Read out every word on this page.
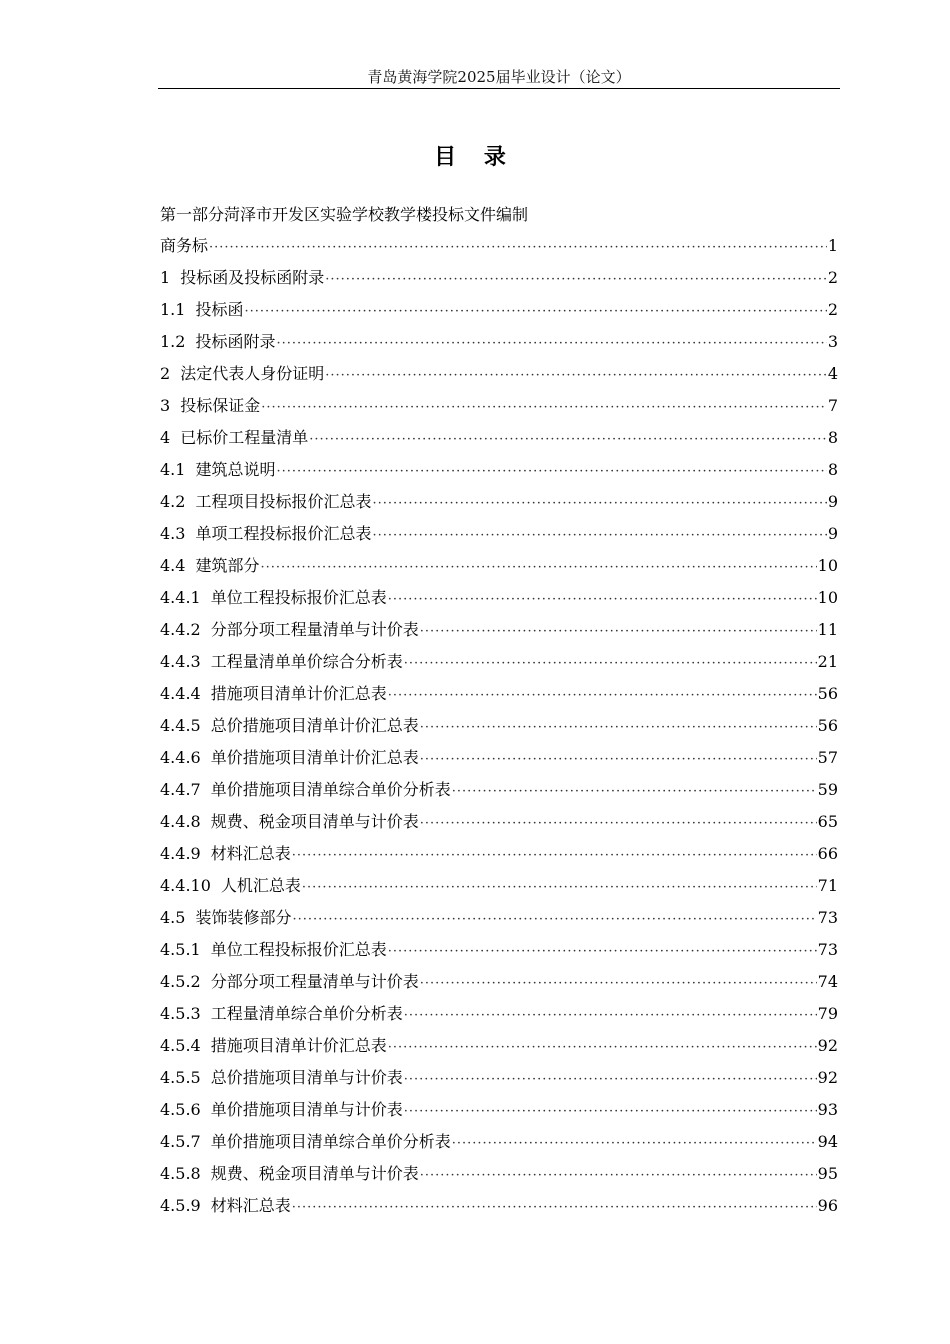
青岛黄海学院2025届毕业设计（论文）
目 录
第一部分菏泽市开发区实验学校教学楼投标文件编制
商务标 ·····	1
1 投标函及投标函附录 ·····	2
1.1 投标函 ·····	2
1.2 投标函附录 ·····	3
2 法定代表人身份证明 ·····	4
3 投标保证金 ·····	7
4 已标价工程量清单 ·····	8
4.1 建筑总说明 ·····	8
4.2 工程项目投标报价汇总表 ·····	9
4.3 单项工程投标报价汇总表 ·····	9
4.4 建筑部分 ·····	10
4.4.1 单位工程投标报价汇总表 ·····	10
4.4.2 分部分项工程量清单与计价表 ·····	11
4.4.3 工程量清单单价综合分析表 ·····	21
4.4.4 措施项目清单计价汇总表 ·····	56
4.4.5 总价措施项目清单计价汇总表 ·····	56
4.4.6 单价措施项目清单计价汇总表 ·····	57
4.4.7 单价措施项目清单综合单价分析表 ·····	59
4.4.8 规费、税金项目清单与计价表 ·····	65
4.4.9 材料汇总表 ·····	66
4.4.10 人机汇总表 ·····	71
4.5 装饰装修部分 ·····	73
4.5.1 单位工程投标报价汇总表 ·····	73
4.5.2 分部分项工程量清单与计价表 ·····	74
4.5.3 工程量清单综合单价分析表 ·····	79
4.5.4 措施项目清单计价汇总表 ·····	92
4.5.5 总价措施项目清单与计价表 ·····	92
4.5.6 单价措施项目清单与计价表 ·····	93
4.5.7 单价措施项目清单综合单价分析表 ·····	94
4.5.8 规费、税金项目清单与计价表 ·····	95
4.5.9 材料汇总表 ·····	96
